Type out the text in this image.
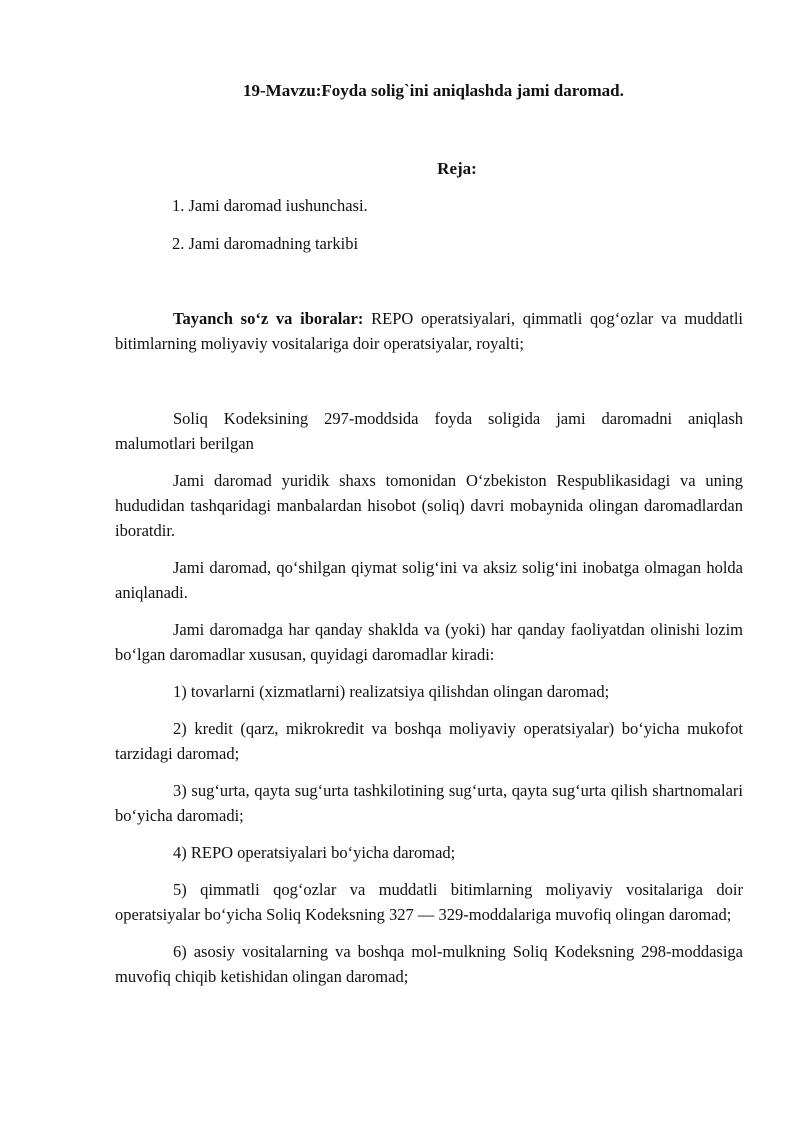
19-Mavzu:Foyda solig`ini aniqlashda jami daromad.
Reja:
1. Jami daromad iushunchasi.
2. Jami daromadning tarkibi

Tayanch so‘z va iboralar: REPO operatsiyalari, qimmatli qog‘ozlar va muddatli bitimlarning moliyaviy vositalariga doir operatsiyalar, royalti;

Soliq Kodeksining 297-moddsida foyda soligida jami daromadni aniqlash malumotlari berilgan

Jami daromad yuridik shaxs tomonidan O‘zbekiston Respublikasidagi va uning hududidan tashqaridagi manbalardan hisobot (soliq) davri mobaynida olingan daromadlardan iboratdir.

Jami daromad, qo‘shilgan qiymat solig‘ini va aksiz solig‘ini inobatga olmagan holda aniqlanadi.

Jami daromadga har qanday shaklda va (yoki) har qanday faoliyatdan olinishi lozim bo‘lgan daromadlar xususan, quyidagi daromadlar kiradi:

1) tovarlarni (xizmatlarni) realizatsiya qilishdan olingan daromad;

2) kredit (qarz, mikrokredit va boshqa moliyaviy operatsiyalar) bo‘yicha mukofot tarzidagi daromad;

3) sug‘urta, qayta sug‘urta tashkilotining sug‘urta, qayta sug‘urta qilish shartnomalari bo‘yicha daromadi;

4) REPO operatsiyalari bo‘yicha daromad;

5) qimmatli qog‘ozlar va muddatli bitimlarning moliyaviy vositalariga doir operatsiyalar bo‘yicha Soliq Kodeksning 327 — 329-moddalariga muvofiq olingan daromad;

6) asosiy vositalarning va boshqa mol-mulkning Soliq Kodeksning 298-moddasiga muvofiq chiqib ketishidan olingan daromad;
